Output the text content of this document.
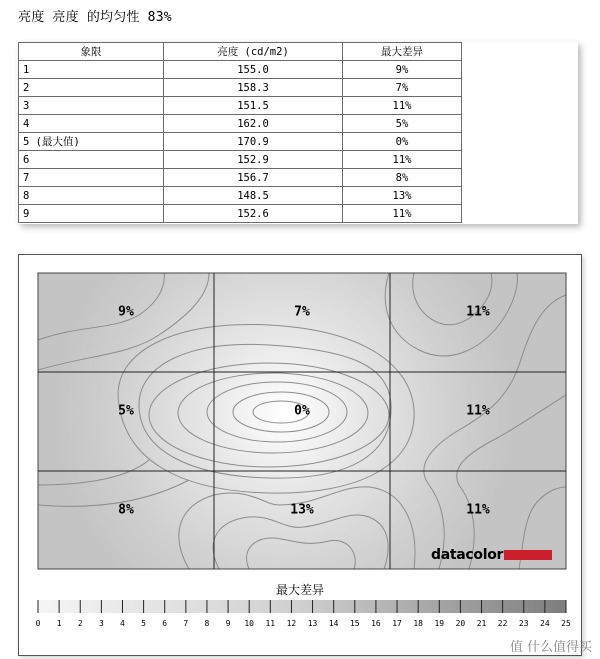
亮度 亮度 的均匀性 83%
象限	亮度 (cd/m2)	最大差异
1	155.0	9%
2	158.3	7%
3	151.5	11%
4	162.0	5%
5 (最大值)	170.9	0%
6	152.9	11%
7	156.7	8%
8	148.5	13%
9	152.6	11%
9%	7%	11%
5%	0%	11%
8%	13%	11%
datacolor
最大差异
0 1 2 3 4 5 6 7 8 9 10 11 12 13 14 15 16 17 18 19 20 21 22 23 24 25
值 什么值得买
